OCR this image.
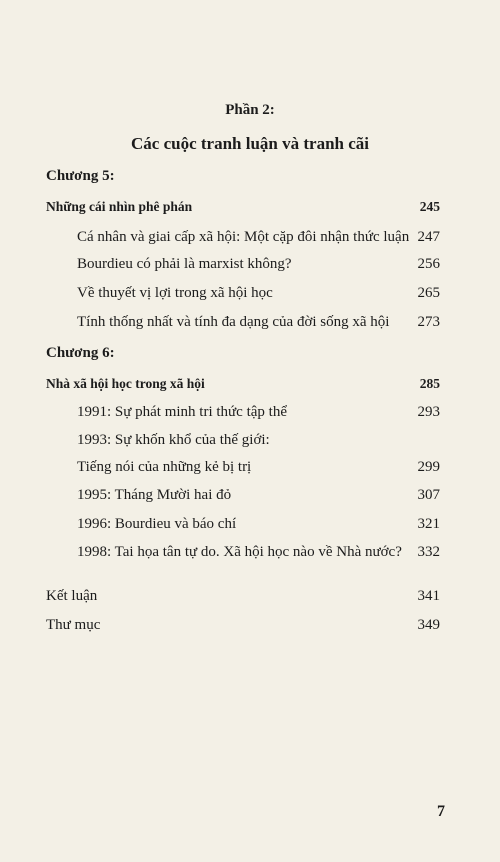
Phần 2:
Các cuộc tranh luận và tranh cãi
Chương 5:
Những cái nhìn phê phán	245
Cá nhân và giai cấp xã hội: Một cặp đôi nhận thức luận 247
Bourdieu có phải là marxist không?	256
Về thuyết vị lợi trong xã hội học	265
Tính thống nhất và tính đa dạng của đời sống xã hội	273
Chương 6:
Nhà xã hội học trong xã hội	285
1991: Sự phát minh tri thức tập thể	293
1993: Sự khốn khổ của thế giới:
Tiếng nói của những kẻ bị trị	299
1995: Tháng Mười hai đỏ	307
1996: Bourdieu và báo chí	321
1998: Tai họa tân tự do. Xã hội học nào về Nhà nước?	332
Kết luận	341
Thư mục	349
7
